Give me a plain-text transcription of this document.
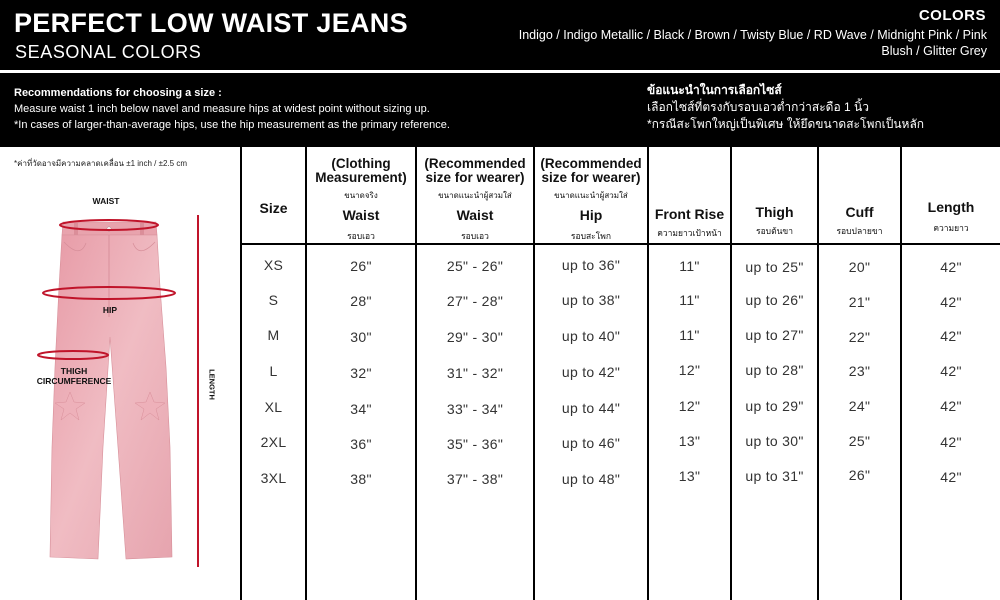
PERFECT LOW WAIST JEANS
SEASONAL COLORS
COLORS
Indigo / Indigo Metallic / Black / Brown / Twisty Blue / RD Wave / Midnight Pink / Pink Blush / Glitter Grey
Recommendations for choosing a size :
Measure waist 1 inch below navel and measure hips at widest point without sizing up.
*In cases of larger-than-average hips, use the hip measurement as the primary reference.
ข้อแนะนำในการเลือกไซส์
เลือกไซส์ที่ตรงกับรอบเอวต่ำกว่าสะดือ 1 นิ้ว
*กรณีสะโพกใหญ่เป็นพิเศษ ให้ยึดขนาดสะโพกเป็นหลัก
*ค่าที่วัดอาจมีความคลาดเคลื่อน ±1 inch / ±2.5 cm
WAIST
HIP
THIGH
CIRCUMFERENCE	LENGTH
Size
XS
S
M
L
XL
2XL
3XL
(Clothing Measurement)
ขนาดจริง
Waist
รอบเอว
26"
28"
30"
32"
34"
36"
38"
(Recommended size for wearer)
ขนาดแนะนำผู้สวมใส่
Waist
รอบเอว
25" - 26"
27" - 28"
29" - 30"
31" - 32"
33" - 34"
35" - 36"
37" - 38"
(Recommended size for wearer)
ขนาดแนะนำผู้สวมใส่
Hip
รอบสะโพก
up to 36"
up to 38"
up to 40"
up to 42"
up to 44"
up to 46"
up to 48"
Front Rise
ความยาวเป้าหน้า
11"
11"
11"
12"
12"
13"
13"
Thigh
รอบต้นขา
up to 25"
up to 26"
up to 27"
up to 28"
up to 29"
up to 30"
up to 31"
Cuff
รอบปลายขา
20"
21"
22"
23"
24"
25"
26"
Length
ความยาว
42"
42"
42"
42"
42"
42"
42"
